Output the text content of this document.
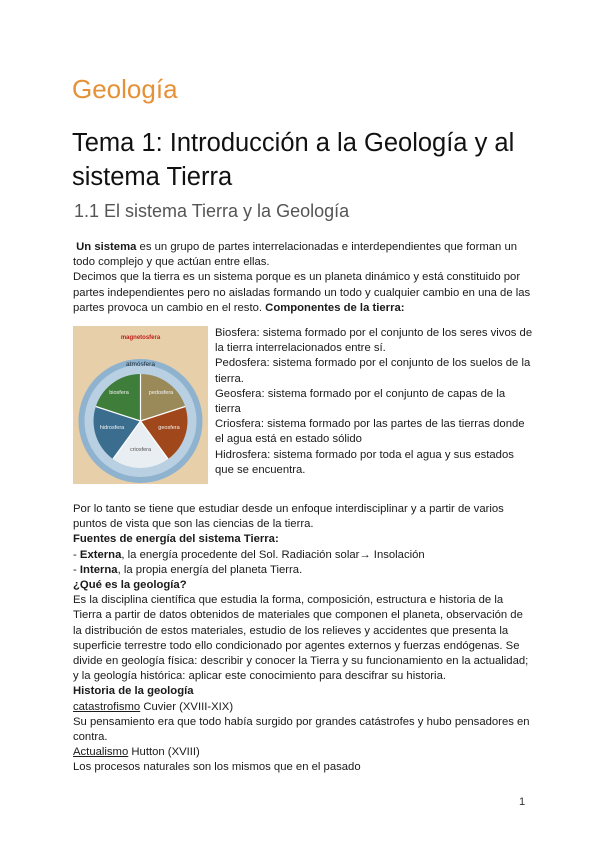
Geología
Tema 1: Introducción a la Geología y al sistema Tierra
1.1 El sistema Tierra y la Geología

Un sistema es un grupo de partes interrelacionadas e interdependientes que forman un todo complejo y que actúan entre ellas.

Decimos que la tierra es un sistema porque es un planeta dinámico y está constituido por partes independientes pero no aisladas formando un todo y cualquier cambio en una de las partes provoca un cambio en el resto. Componentes de la tierra:

magnetosfera
atmósfera
biosfera	pedosfera
geosfera
criosfera
hidrosfera

Biosfera: sistema formado por el conjunto de los seres vivos de la tierra interrelacionados entre sí.

Pedosfera: sistema formado por el conjunto de los suelos de la tierra.

Geosfera: sistema formado por el conjunto de capas de la tierra

Criosfera: sistema formado por las partes de las tierras donde el agua está en estado sólido

Hidrosfera: sistema formado por toda el agua y sus estados que se encuentra.

Por lo tanto se tiene que estudiar desde un enfoque interdisciplinar y a partir de varios puntos de vista que son las ciencias de la tierra.

Fuentes de energía del sistema Tierra:

- Externa, la energía procedente del Sol. Radiación solar→ Insolación

- Interna, la propia energía del planeta Tierra.

¿Qué es la geología?

Es la disciplina científica que estudia la forma, composición, estructura e historia de la Tierra a partir de datos obtenidos de materiales que componen el planeta, observación de la distribución de estos materiales, estudio de los relieves y accidentes que presenta la superficie terrestre todo ello condicionado por agentes externos y fuerzas endógenas. Se divide en geología física: describir y conocer la Tierra y su funcionamiento en la actualidad; y la geología histórica: aplicar este conocimiento para descifrar su historia.

Historia de la geología

catastrofismo Cuvier (XVIII-XIX)

Su pensamiento era que todo había surgido por grandes catástrofes y hubo pensadores en contra.

Actualismo Hutton (XVIII)

Los procesos naturales son los mismos que en el pasado

1
